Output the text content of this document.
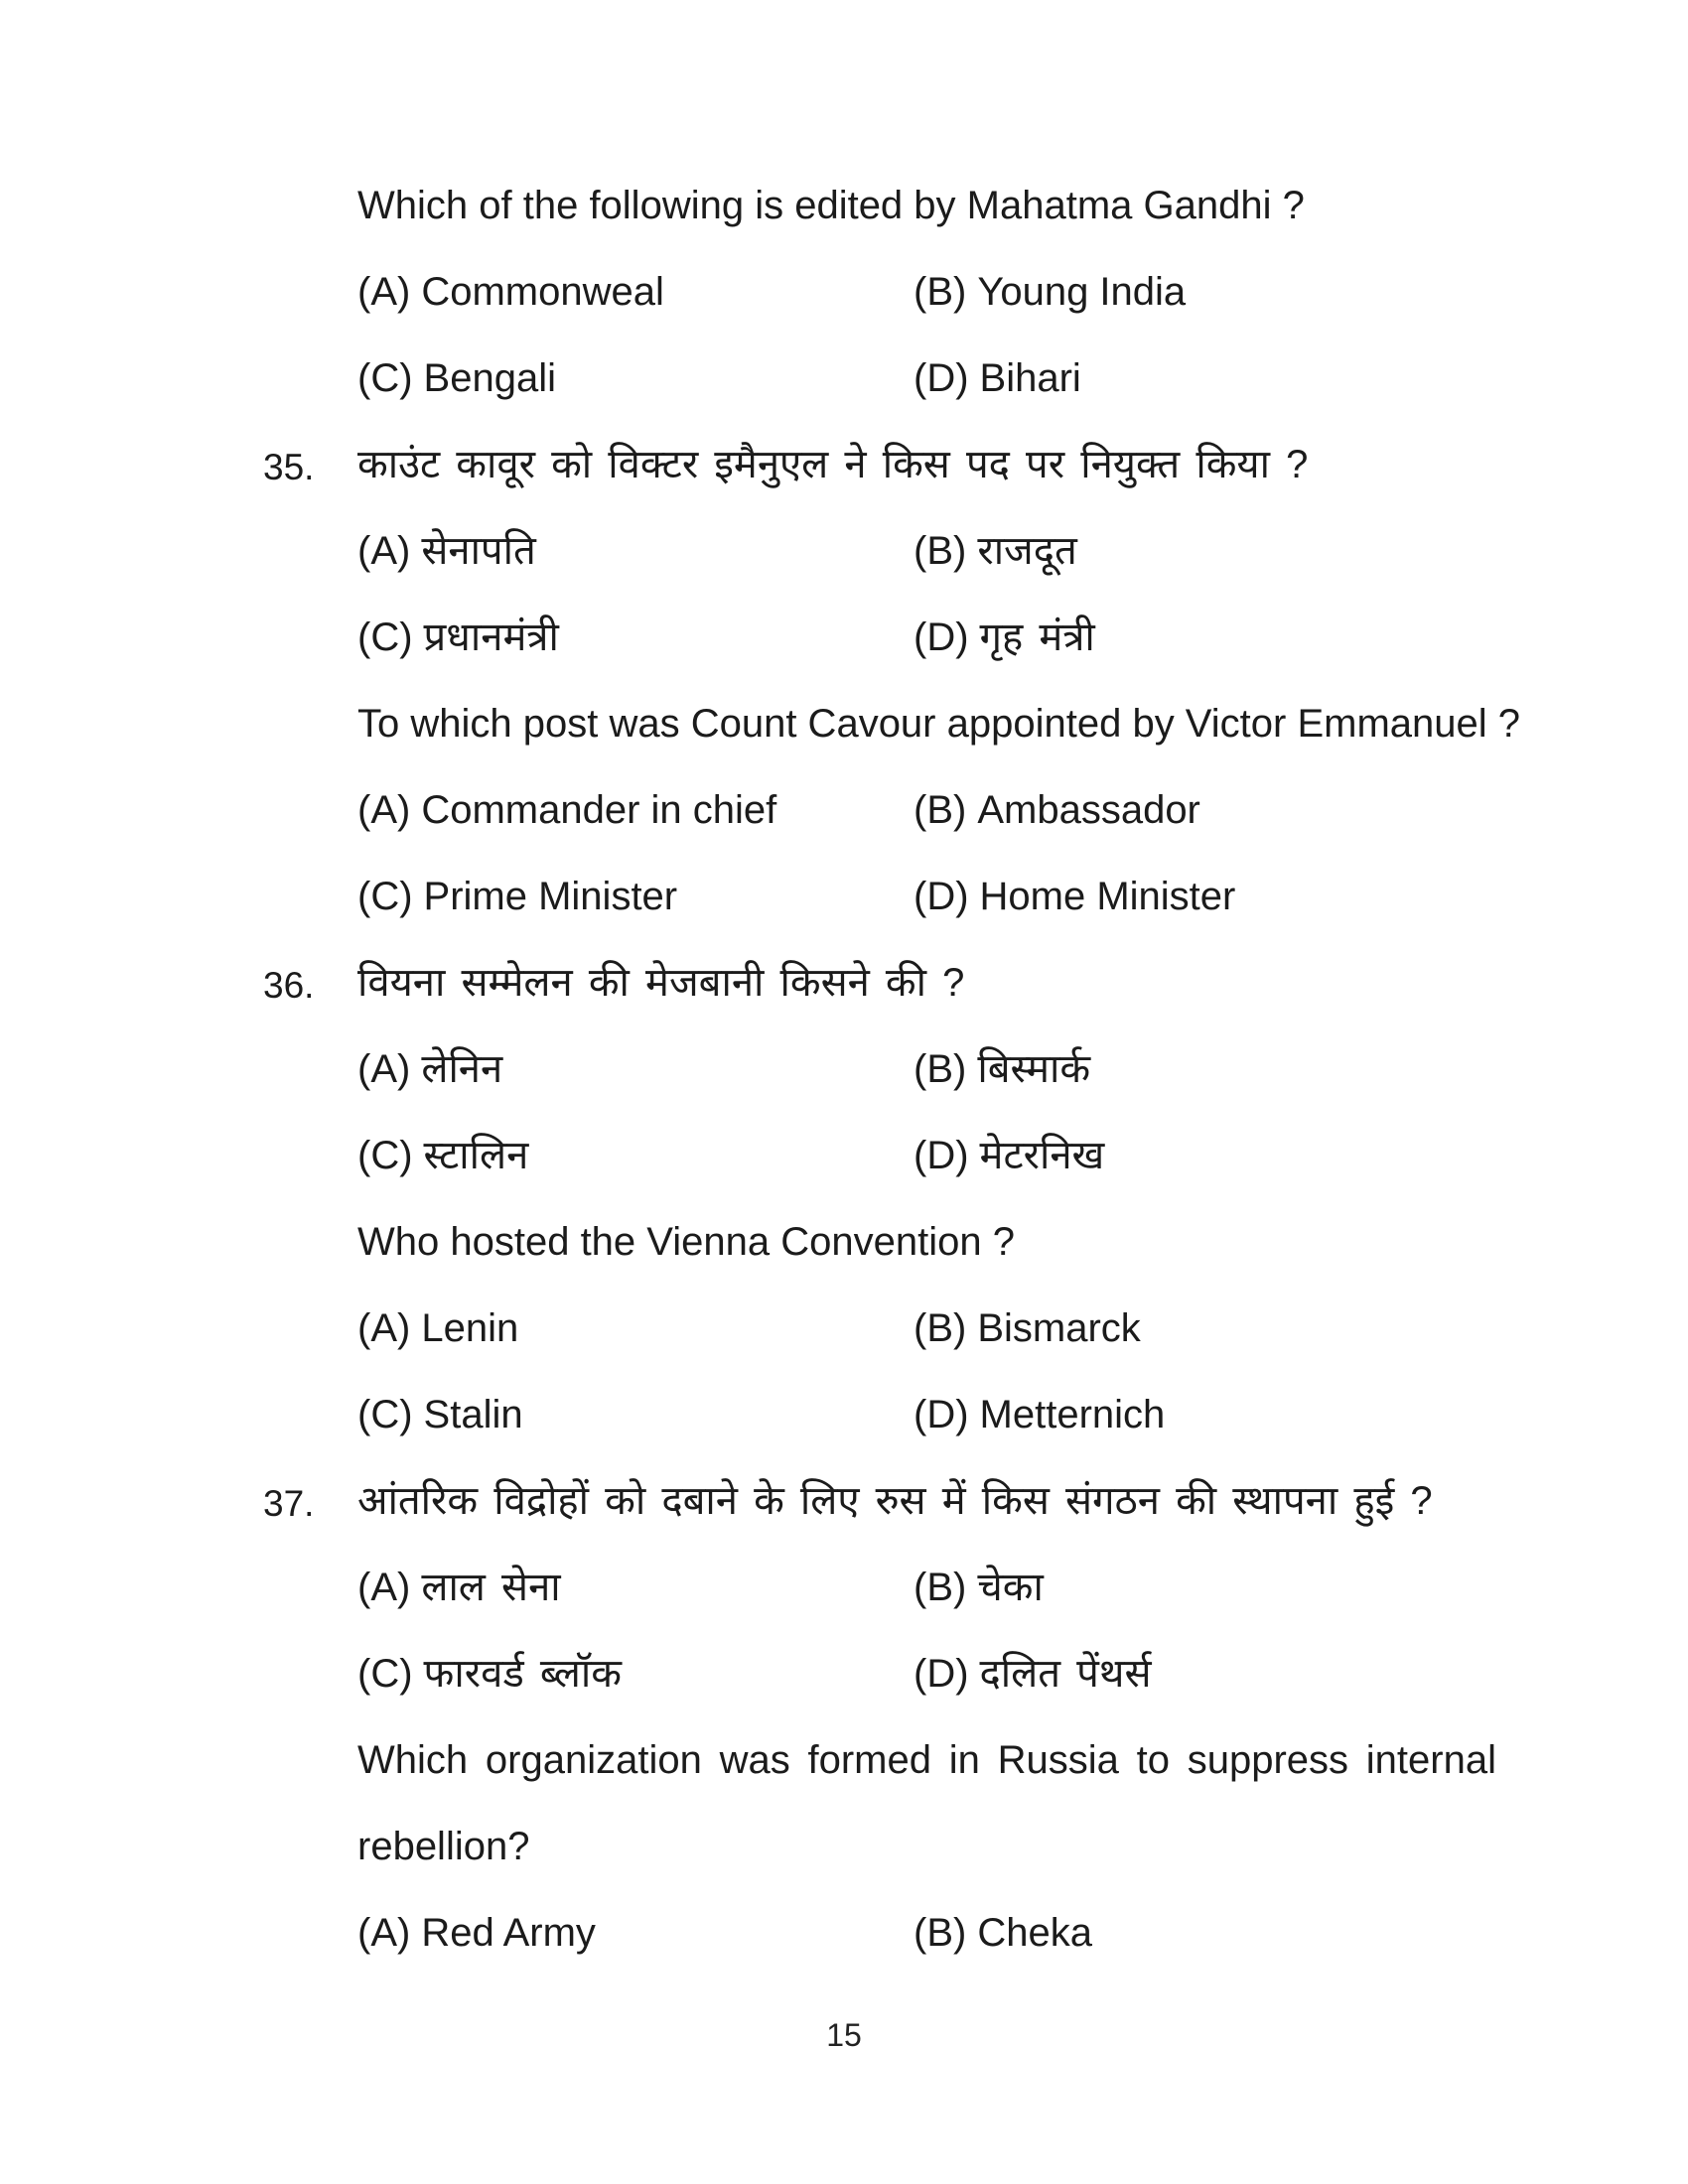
Which of the following is edited by Mahatma Gandhi ?
(A) Commonweal	(B) Young India
(C) Bengali	(D) Bihari
35. काउंट कावूर को विक्टर इमैनुएल ने किस पद पर नियुक्त किया ?
(A) सेनापति	(B) राजदूत
(C) प्रधानमंत्री	(D) गृह मंत्री
To which post was Count Cavour appointed by Victor Emmanuel ?
(A) Commander in chief	(B) Ambassador
(C) Prime Minister	(D) Home Minister
36. वियना सम्मेलन की मेजबानी किसने की ?
(A) लेनिन	(B) बिस्मार्क
(C) स्टालिन	(D) मेटरनिख
Who hosted the Vienna Convention ?
(A) Lenin	(B) Bismarck
(C) Stalin	(D) Metternich
37. आंतरिक विद्रोहों को दबाने के लिए रुस में किस संगठन की स्थापना हुई ?
(A) लाल सेना	(B) चेका
(C) फारवर्ड ब्लॉक	(D) दलित पेंथर्स
Which organization was formed in Russia to suppress internal
rebellion?
(A) Red Army	(B) Cheka
15
